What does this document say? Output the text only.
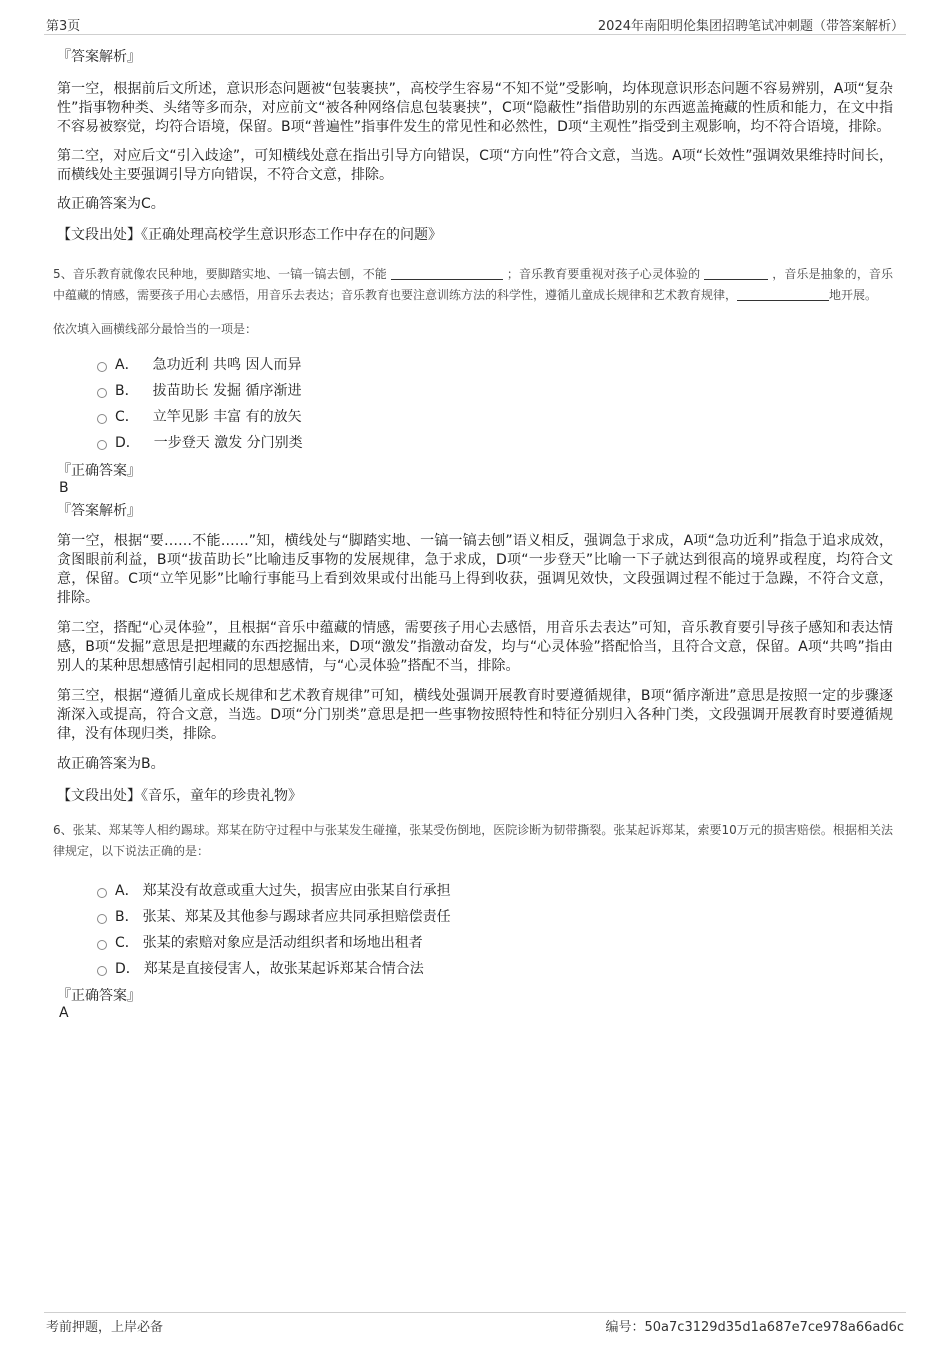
第3页	2024年南阳明伦集团招聘笔试冲刺题（带答案解析）

『答案解析』

第一空，根据前后文所述，意识形态问题被“包装裹挟”，高校学生容易“不知不觉”受影响，均体现意识形态问题不容易辨别，A项“复杂性”指事物种类、头绪等多而杂，对应前文“被各种网络信息包装裹挟”，C项“隐蔽性”指借助别的东西遮盖掩藏的性质和能力，在文中指不容易被察觉，均符合语境，保留。B项“普遍性”指事件发生的常见性和必然性，D项“主观性”指受到主观影响，均不符合语境，排除。

第二空，对应后文“引入歧途”，可知横线处意在指出引导方向错误，C项“方向性”符合文意，当选。A项“长效性”强调效果维持时间长，而横线处主要强调引导方向错误，不符合文意，排除。

故正确答案为C。

【文段出处】《正确处理高校学生意识形态工作中存在的问题》

5、音乐教育就像农民种地，要脚踏实地、一镐一镐去刨，不能	；音乐教育要重视对孩子心灵体验的	，音乐是抽象的，音乐中蕴藏的情感，需要孩子用心去感悟，用音乐去表达；音乐教育也要注意训练方法的科学性，遵循儿童成长规律和艺术教育规律，	地开展。

依次填入画横线部分最恰当的一项是：

A． 急功近利 共鸣 因人而异
B． 拔苗助长 发掘 循序渐进
C． 立竿见影 丰富 有的放矢
D． 一步登天 激发 分门别类

『正确答案』

B

『答案解析』

第一空，根据“要……不能……”知，横线处与“脚踏实地、一镐一镐去刨”语义相反，强调急于求成，A项“急功近利”指急于追求成效，贪图眼前利益，B项“拔苗助长”比喻违反事物的发展规律，急于求成，D项“一步登天”比喻一下子就达到很高的境界或程度，均符合文意，保留。C项“立竿见影”比喻行事能马上看到效果或付出能马上得到收获，强调见效快，文段强调过程不能过于急躁，不符合文意，排除。

第二空，搭配“心灵体验”，且根据“音乐中蕴藏的情感，需要孩子用心去感悟，用音乐去表达”可知，音乐教育要引导孩子感知和表达情感，B项“发掘”意思是把埋藏的东西挖掘出来，D项“激发”指激动奋发，均与“心灵体验”搭配恰当，且符合文意，保留。A项“共鸣”指由别人的某种思想感情引起相同的思想感情，与“心灵体验”搭配不当，排除。

第三空，根据“遵循儿童成长规律和艺术教育规律”可知，横线处强调开展教育时要遵循规律，B项“循序渐进”意思是按照一定的步骤逐渐深入或提高，符合文意，当选。D项“分门别类”意思是把一些事物按照特性和特征分别归入各种门类，文段强调开展教育时要遵循规律，没有体现归类，排除。

故正确答案为B。

【文段出处】《音乐，童年的珍贵礼物》

6、张某、郑某等人相约踢球。郑某在防守过程中与张某发生碰撞，张某受伤倒地，医院诊断为韧带撕裂。张某起诉郑某，索要10万元的损害赔偿。根据相关法律规定，以下说法正确的是：

A． 郑某没有故意或重大过失，损害应由张某自行承担
B． 张某、郑某及其他参与踢球者应共同承担赔偿责任
C． 张某的索赔对象应是活动组织者和场地出租者
D． 郑某是直接侵害人，故张某起诉郑某合情合法

『正确答案』

A

考前押题，上岸必备	编号：50a7c3129d35d1a687e7ce978a66ad6c
